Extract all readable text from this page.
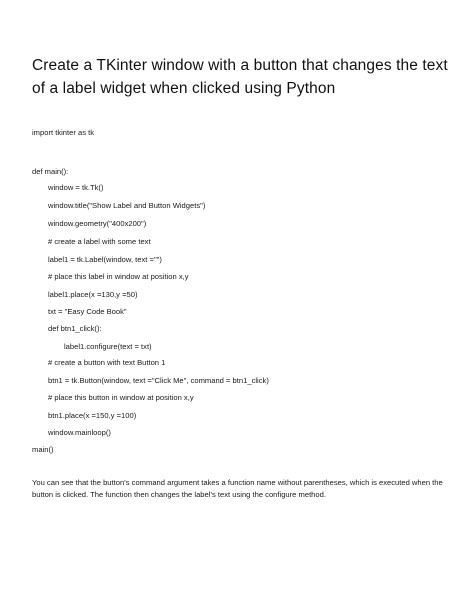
Create a TKinter window with a button that changes the text of a label widget when clicked using Python
import tkinter as tk
def main():
window = tk.Tk()
window.title("Show Label and Button Widgets")
window.geometry("400x200")
# create a label with some text
label1 = tk.Label(window, text ="")
# place this label in window at position x,y
label1.place(x =130,y =50)
txt = "Easy Code Book"
def btn1_click():
label1.configure(text = txt)
# create a button with text Button 1
btn1 = tk.Button(window, text ="Click Me", command = btn1_click)
# place this button in window at position x,y
btn1.place(x =150,y =100)
window.mainloop()
main()
You can see that the button’s command argument takes a function name without parentheses, which is executed when the button is clicked. The function then changes the label’s text using the configure method.
